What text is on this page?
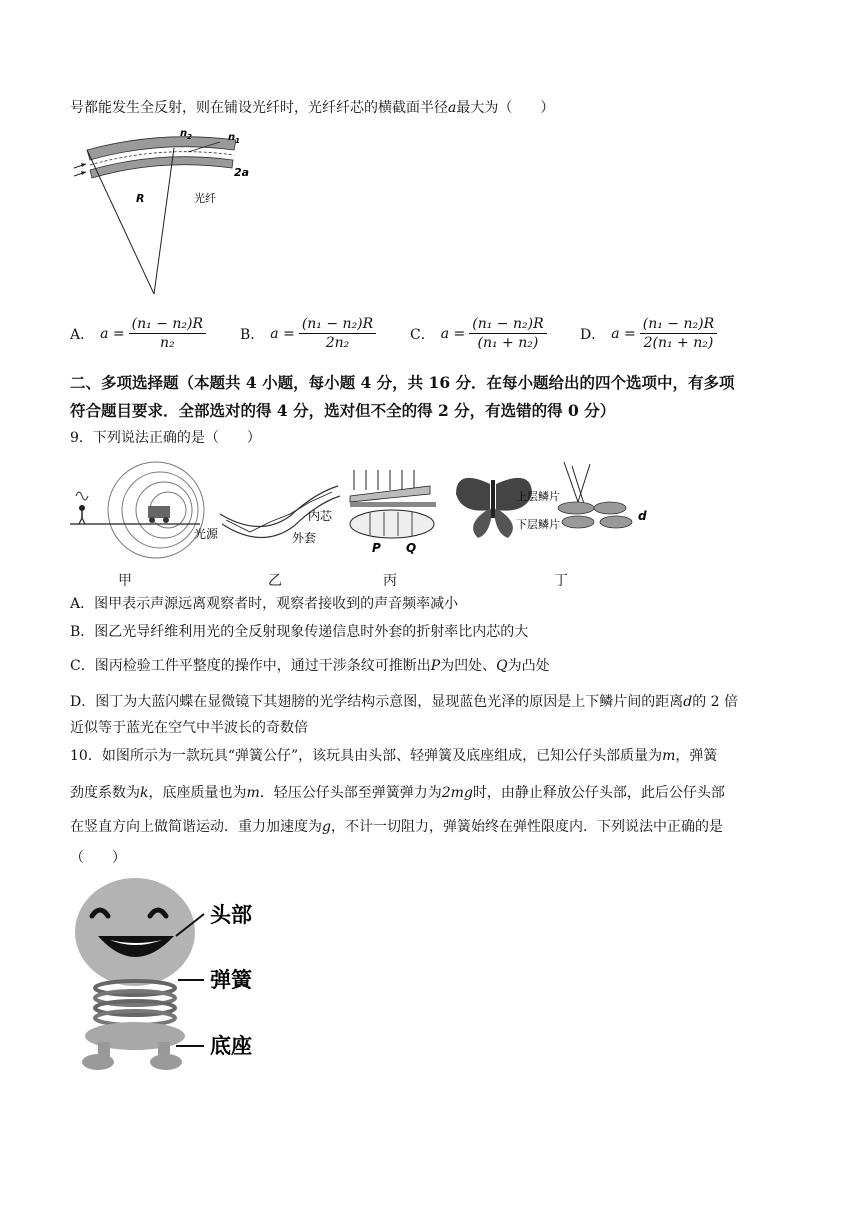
号都能发生全反射，则在铺设光纤时，光纤纤芯的横截面半径a最大为（　　）
$n_2$	$n_1$
2a
R	光纤
A． $a = \frac{\text{(n₁ − n₂)R}}{\text{n₂}}$ B． $a = \frac{\text{(n₁ − n₂)R}}{\text{2n₂}}$ C． $a = \frac{\text{(n₁ − n₂)R}}{\text{(n₁ + n₂)}}$ D． $a = \frac{\text{(n₁ − n₂)R}}{\text{2(n₁ + n₂)}}$
二、多项选择题（本题共 4 小题，每小题 4 分，共 16 分．在每小题给出的四个选项中，有多项
符合题目要求．全部选对的得 4 分，选对但不全的得 2 分，有选错的得 0 分）
9．下列说法正确的是（　　）
光源
内芯
外套
P Q
上层鳞片
下层鳞片
d
甲	乙	丙	丁
A．图甲表示声源远离观察者时，观察者接收到的声音频率减小
B．图乙光导纤维利用光的全反射现象传递信息时外套的折射率比内芯的大
C．图丙检验工件平整度的操作中，通过干涉条纹可推断出P为凹处、Q为凸处
D．图丁为大蓝闪蝶在显微镜下其翅膀的光学结构示意图，显现蓝色光泽的原因是上下鳞片间的距离d的 2 倍
近似等于蓝光在空气中半波长的奇数倍
10．如图所示为一款玩具“弹簧公仔”，该玩具由头部、轻弹簧及底座组成，已知公仔头部质量为m，弹簧
劲度系数为k，底座质量也为m．轻压公仔头部至弹簧弹力为2mg时，由静止释放公仔头部，此后公仔头部
在竖直方向上做简谐运动．重力加速度为g，不计一切阻力，弹簧始终在弹性限度内．下列说法中正确的是
（　　）
头部
弹簧
底座
